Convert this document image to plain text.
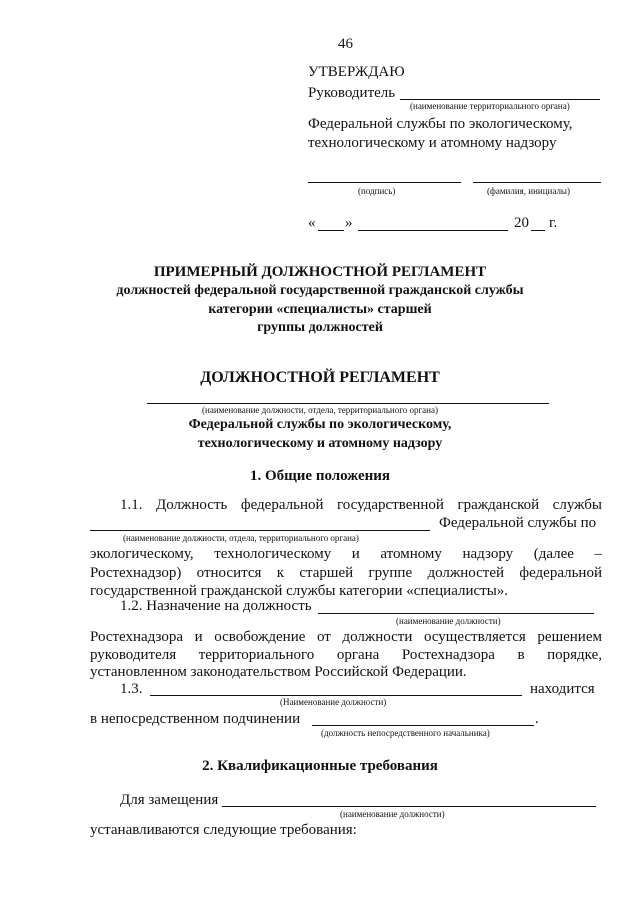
46
УТВЕРЖДАЮ
Руководитель
(наименование территориального органа)
Федеральной службы по экологическому,
технологическому и атомному надзору
(подпись)	(фамилия, инициалы)
« »	20 г.
ПРИМЕРНЫЙ ДОЛЖНОСТНОЙ РЕГЛАМЕНТ
должностей федеральной государственной гражданской службы
категории «специалисты» старшей
группы должностей
ДОЛЖНОСТНОЙ РЕГЛАМЕНТ
(наименование должности, отдела, территориального органа)
Федеральной службы по экологическому,
технологическому и атомному надзору
1. Общие положения
1.1. Должность федеральной государственной гражданской службы
Федеральной службы по
(наименование должности, отдела, территориального органа)
экологическому, технологическому и атомному надзору (далее –
Ростехнадзор) относится к старшей группе должностей федеральной
государственной гражданской службы категории «специалисты».
1.2. Назначение на должность
(наименование должности)
Ростехнадзора и освобождение от должности осуществляется решением
руководителя территориального органа Ростехнадзора в порядке,
установленном законодательством Российской Федерации.
1.3.	находится
(Наименование должности)
в непосредственном подчинении	.
(должность непосредственного начальника)
2. Квалификационные требования
Для замещения
(наименование должности)
устанавливаются следующие требования:
